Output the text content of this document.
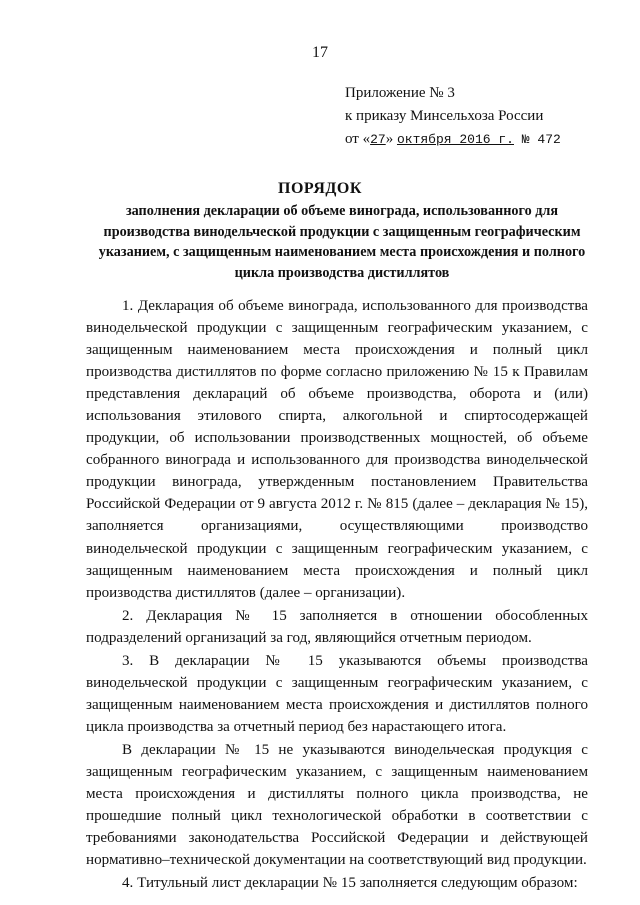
17
Приложение № 3
к приказу Минсельхоза России
от «27» октября 2016 г. № 472
ПОРЯДОК
заполнения декларации об объеме винограда, использованного для производства винодельческой продукции с защищенным географическим указанием, с защищенным наименованием места происхождения и полного цикла производства дистиллятов

1. Декларация об объеме винограда, использованного для производства винодельческой продукции с защищенным географическим указанием, с защищенным наименованием места происхождения и полный цикл производства дистиллятов по форме согласно приложению № 15 к Правилам представления деклараций об объеме производства, оборота и (или) использования этилового спирта, алкогольной и спиртосодержащей продукции, об использовании производственных мощностей, об объеме собранного винограда и использованного для производства винодельческой продукции винограда, утвержденным постановлением Правительства Российской Федерации от 9 августа 2012 г. № 815 (далее – декларация № 15), заполняется организациями, осуществляющими производство винодельческой продукции с защищенным географическим указанием, с защищенным наименованием места происхождения и полный цикл производства дистиллятов (далее – организации).

2. Декларация № 15 заполняется в отношении обособленных подразделений организаций за год, являющийся отчетным периодом.

3. В декларации № 15 указываются объемы производства винодельческой продукции с защищенным географическим указанием, с защищенным наименованием места происхождения и дистиллятов полного цикла производства за отчетный период без нарастающего итога.

В декларации № 15 не указываются винодельческая продукция с защищенным географическим указанием, с защищенным наименованием места происхождения и дистилляты полного цикла производства, не прошедшие полный цикл технологической обработки в соответствии с требованиями законодательства Российской Федерации и действующей нормативно–технической документации на соответствующий вид продукции.

4. Титульный лист декларации № 15 заполняется следующим образом:
